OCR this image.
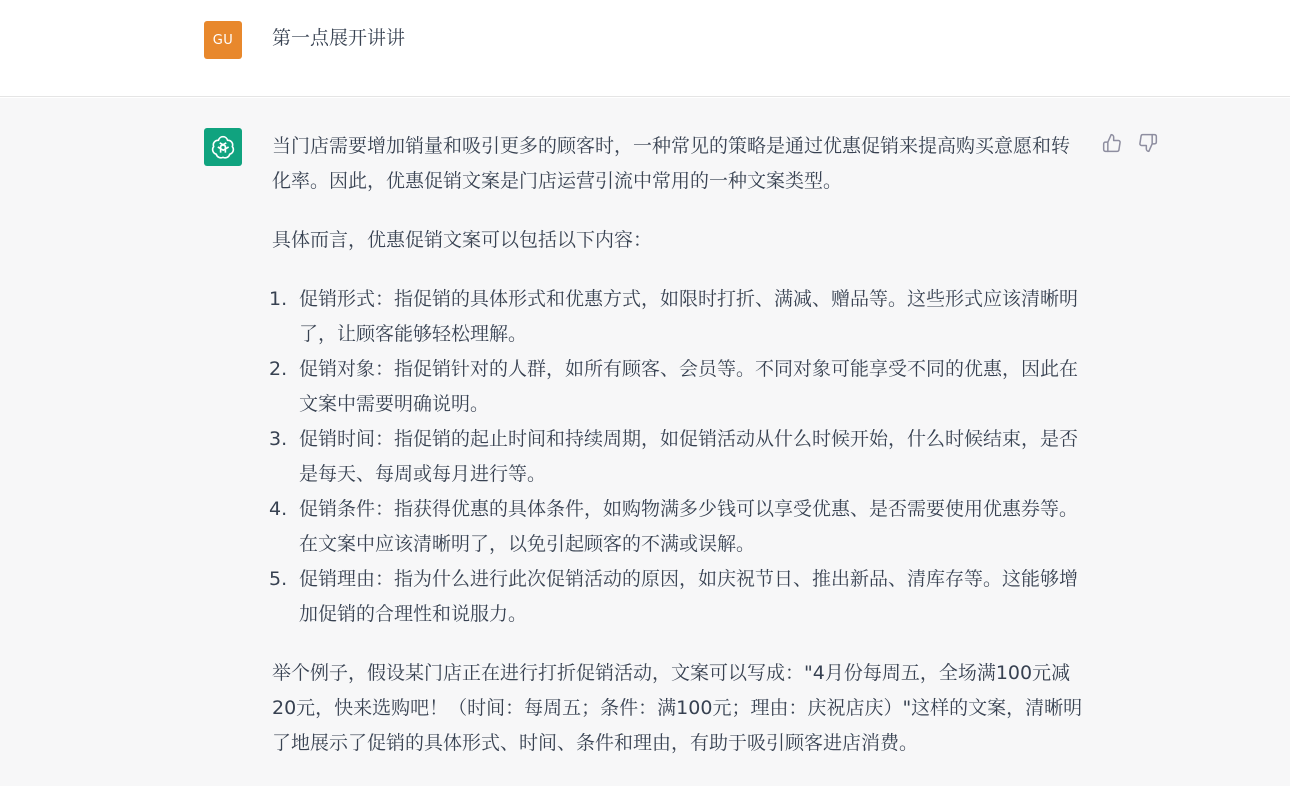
GU	第一点展开讲讲

当门店需要增加销量和吸引更多的顾客时，一种常见的策略是通过优惠促销来提高购买意愿和转化率。因此，优惠促销文案是门店运营引流中常用的一种文案类型。

具体而言，优惠促销文案可以包括以下内容：

1. 促销形式：指促销的具体形式和优惠方式，如限时打折、满减、赠品等。这些形式应该清晰明了，让顾客能够轻松理解。
2. 促销对象：指促销针对的人群，如所有顾客、会员等。不同对象可能享受不同的优惠，因此在文案中需要明确说明。
3. 促销时间：指促销的起止时间和持续周期，如促销活动从什么时候开始，什么时候结束，是否是每天、每周或每月进行等。
4. 促销条件：指获得优惠的具体条件，如购物满多少钱可以享受优惠、是否需要使用优惠券等。在文案中应该清晰明了，以免引起顾客的不满或误解。
5. 促销理由：指为什么进行此次促销活动的原因，如庆祝节日、推出新品、清库存等。这能够增加促销的合理性和说服力。

举个例子，假设某门店正在进行打折促销活动，文案可以写成："4月份每周五，全场满100元减20元，快来选购吧！（时间：每周五；条件：满100元；理由：庆祝店庆）"这样的文案，清晰明了地展示了促销的具体形式、时间、条件和理由，有助于吸引顾客进店消费。
